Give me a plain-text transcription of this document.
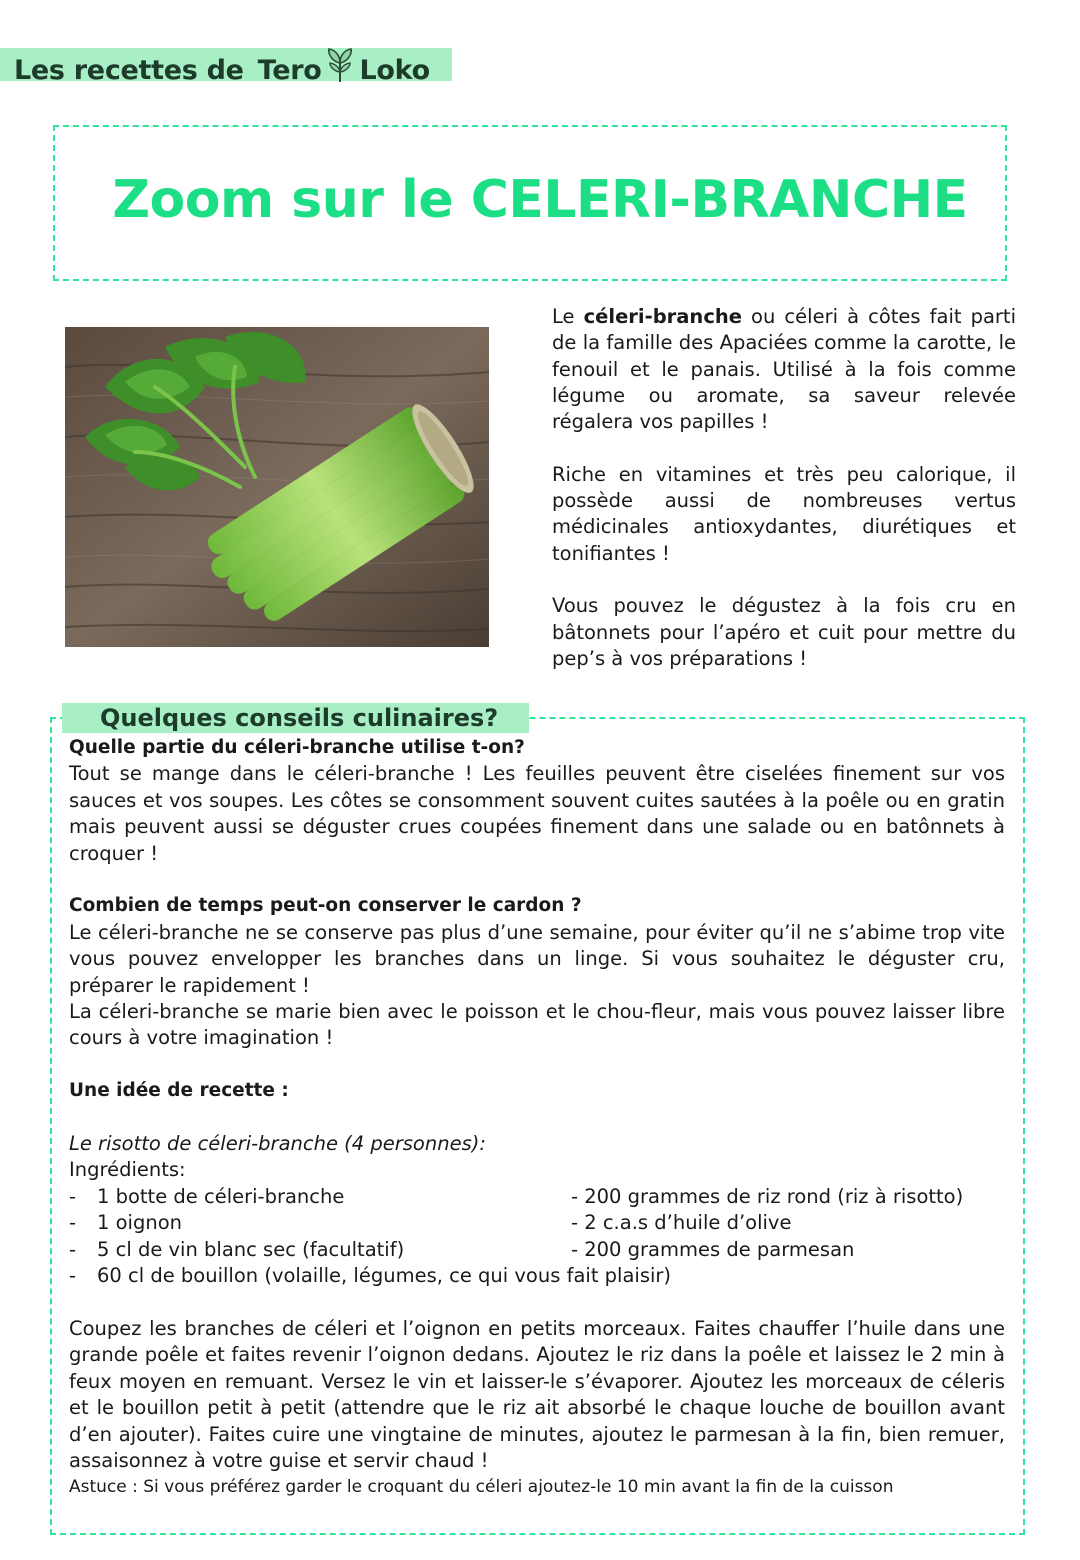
Les recettes de Tero Loko
Zoom sur le CELERI-BRANCHE

Le céleri-branche ou céleri à côtes fait parti de la famille des Apaciées comme la carotte, le fenouil et le panais. Utilisé à la fois comme légume ou aromate, sa saveur relevée régalera vos papilles !

Riche en vitamines et très peu calorique, il possède aussi de nombreuses vertus médicinales antioxydantes, diurétiques et tonifiantes !

Vous pouvez le dégustez à la fois cru en bâtonnets pour l’apéro et cuit pour mettre du pep’s à vos préparations !

Quelques conseils culinaires?

Quelle partie du céleri-branche utilise t-on?

Tout se mange dans le céleri-branche ! Les feuilles peuvent être ciselées finement sur vos sauces et vos soupes. Les côtes se consomment souvent cuites sautées à la poêle ou en gratin mais peuvent aussi se déguster crues coupées finement dans une salade ou en batônnets à croquer !

Combien de temps peut-on conserver le cardon ?

Le céleri-branche ne se conserve pas plus d’une semaine, pour éviter qu’il ne s’abime trop vite vous pouvez envelopper les branches dans un linge. Si vous souhaitez le déguster cru, préparer le rapidement !

La céleri-branche se marie bien avec le poisson et le chou-fleur, mais vous pouvez laisser libre cours à votre imagination !

Une idée de recette :

Le risotto de céleri-branche (4 personnes):

Ingrédients:

-	1 botte de céleri-branche	- 200 grammes de riz rond (riz à risotto)
-	1 oignon	- 2 c.a.s d’huile d’olive
-	5 cl de vin blanc sec (facultatif)	- 200 grammes de parmesan
-	60 cl de bouillon (volaille, légumes, ce qui vous fait plaisir)

Coupez les branches de céleri et l’oignon en petits morceaux. Faites chauffer l’huile dans une grande poêle et faites revenir l’oignon dedans. Ajoutez le riz dans la poêle et laissez le 2 min à feux moyen en remuant. Versez le vin et laisser-le s’évaporer. Ajoutez les morceaux de céleris et le bouillon petit à petit (attendre que le riz ait absorbé le chaque louche de bouillon avant d’en ajouter). Faites cuire une vingtaine de minutes, ajoutez le parmesan à la fin, bien remuer, assaisonnez à votre guise et servir chaud !

Astuce : Si vous préférez garder le croquant du céleri ajoutez-le 10 min avant la fin de la cuisson
